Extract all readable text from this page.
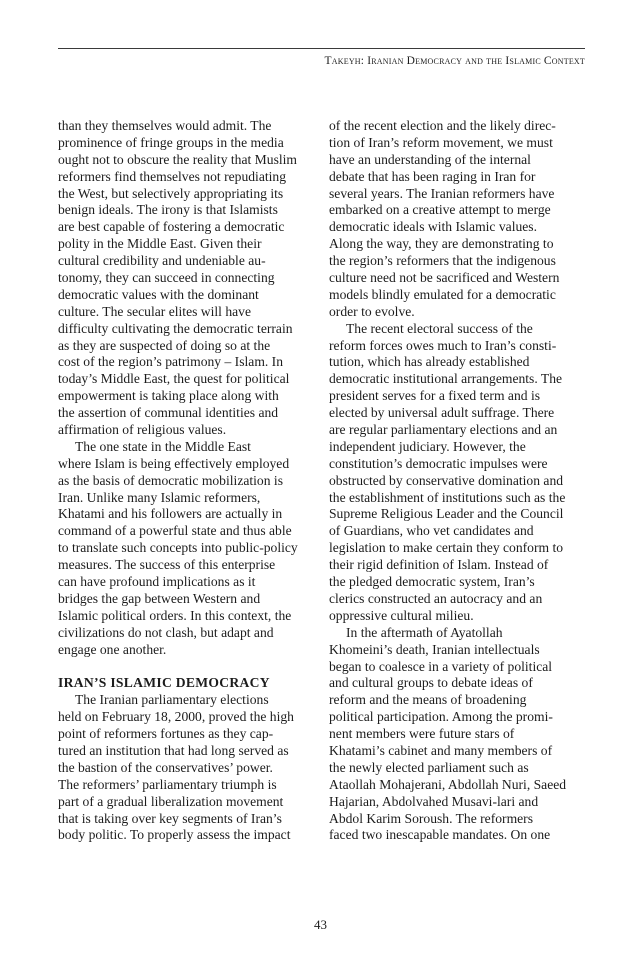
Takeyh: Iranian Democracy and the Islamic Context
than they themselves would admit. The
prominence of fringe groups in the media
ought not to obscure the reality that Muslim
reformers find themselves not repudiating
the West, but selectively appropriating its
benign ideals. The irony is that Islamists
are best capable of fostering a democratic
polity in the Middle East. Given their
cultural credibility and undeniable au-
tonomy, they can succeed in connecting
democratic values with the dominant
culture. The secular elites will have
difficulty cultivating the democratic terrain
as they are suspected of doing so at the
cost of the region’s patrimony – Islam. In
today’s Middle East, the quest for political
empowerment is taking place along with
the assertion of communal identities and
affirmation of religious values.
The one state in the Middle East
where Islam is being effectively employed
as the basis of democratic mobilization is
Iran. Unlike many Islamic reformers,
Khatami and his followers are actually in
command of a powerful state and thus able
to translate such concepts into public-policy
measures. The success of this enterprise
can have profound implications as it
bridges the gap between Western and
Islamic political orders. In this context, the
civilizations do not clash, but adapt and
engage one another.
IRAN’S ISLAMIC DEMOCRACY
The Iranian parliamentary elections
held on February 18, 2000, proved the high
point of reformers fortunes as they cap-
tured an institution that had long served as
the bastion of the conservatives’ power.
The reformers’ parliamentary triumph is
part of a gradual liberalization movement
that is taking over key segments of Iran’s
body politic. To properly assess the impact
of the recent election and the likely direc-
tion of Iran’s reform movement, we must
have an understanding of the internal
debate that has been raging in Iran for
several years. The Iranian reformers have
embarked on a creative attempt to merge
democratic ideals with Islamic values.
Along the way, they are demonstrating to
the region’s reformers that the indigenous
culture need not be sacrificed and Western
models blindly emulated for a democratic
order to evolve.
The recent electoral success of the
reform forces owes much to Iran’s consti-
tution, which has already established
democratic institutional arrangements. The
president serves for a fixed term and is
elected by universal adult suffrage. There
are regular parliamentary elections and an
independent judiciary. However, the
constitution’s democratic impulses were
obstructed by conservative domination and
the establishment of institutions such as the
Supreme Religious Leader and the Council
of Guardians, who vet candidates and
legislation to make certain they conform to
their rigid definition of Islam. Instead of
the pledged democratic system, Iran’s
clerics constructed an autocracy and an
oppressive cultural milieu.
In the aftermath of Ayatollah
Khomeini’s death, Iranian intellectuals
began to coalesce in a variety of political
and cultural groups to debate ideas of
reform and the means of broadening
political participation. Among the promi-
nent members were future stars of
Khatami’s cabinet and many members of
the newly elected parliament such as
Ataollah Mohajerani, Abdollah Nuri, Saeed
Hajarian, Abdolvahed Musavi-lari and
Abdol Karim Soroush. The reformers
faced two inescapable mandates. On one
43
